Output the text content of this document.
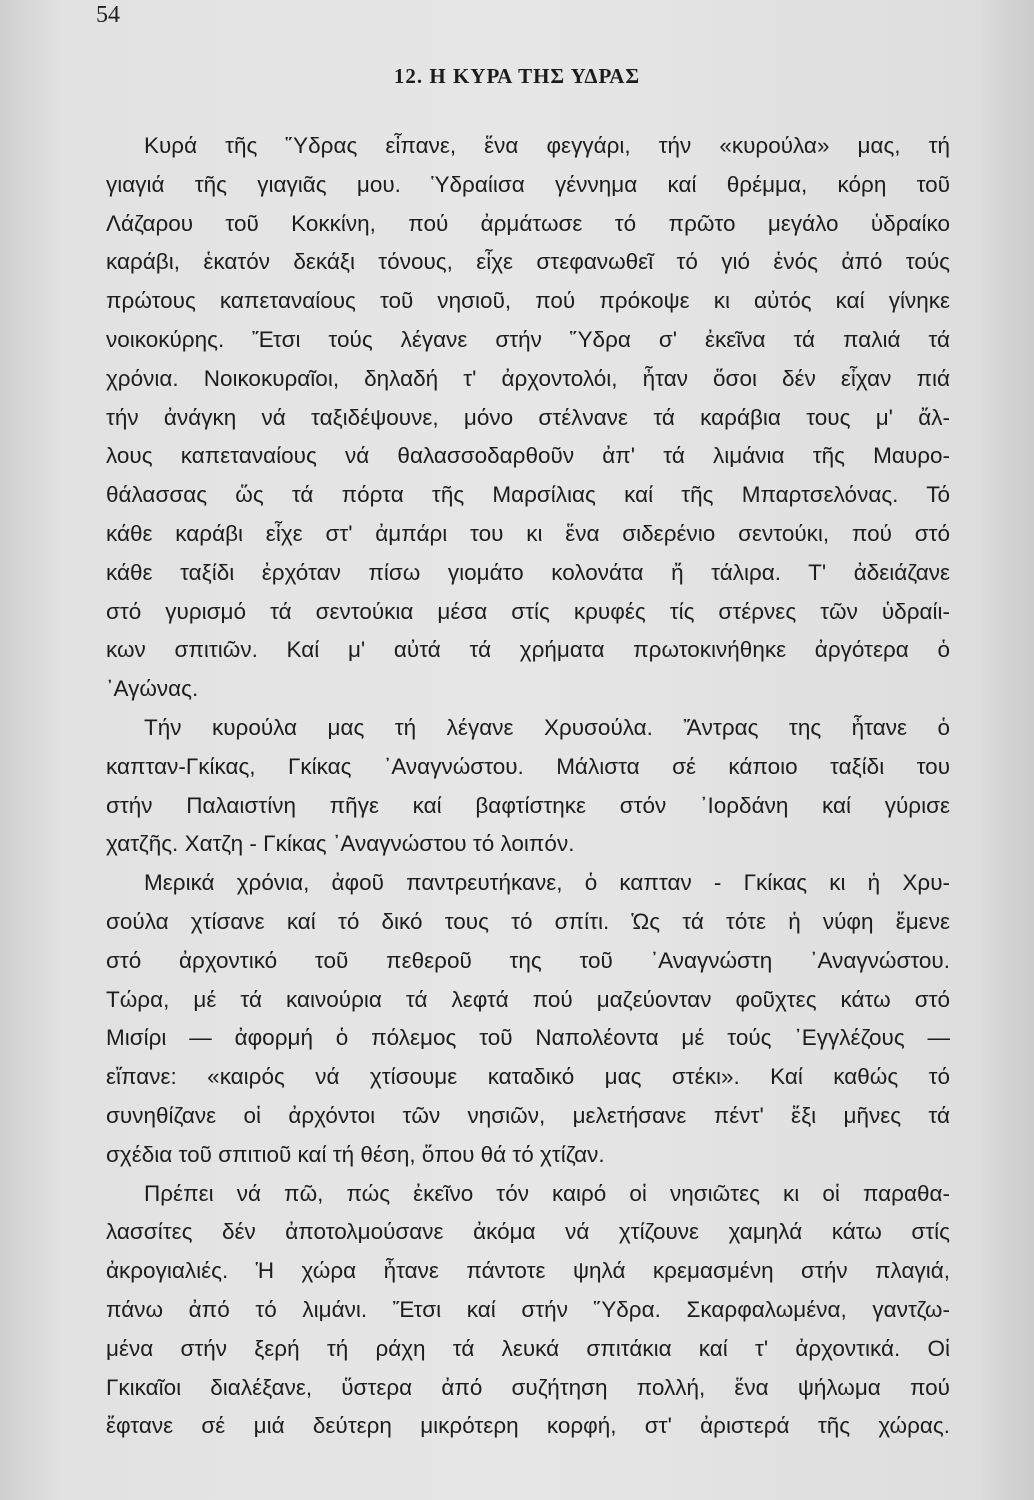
54
12. Η ΚΥΡΑ ΤΗΣ ΥΔΡΑΣ
Κυρά τῆς Ὕδρας εἶπανε, ἕνα φεγγάρι, τήν «κυρούλα» μας, τή
γιαγιά τῆς γιαγιᾶς μου. Ὑδραίισα γέννημα καί θρέμμα, κόρη τοῦ
Λάζαρου τοῦ Κοκκίνη, πού ἀρμάτωσε τό πρῶτο μεγάλο ὑδραίκο
καράβι, ἑκατόν δεκάξι τόνους, εἶχε στεφανωθεῖ τό γιό ἑνός ἀπό τούς
πρώτους καπεταναίους τοῦ νησιοῦ, πού πρόκοψε κι αὐτός καί γίνηκε
νοικοκύρης. Ἔτσι τούς λέγανε στήν Ὕδρα σ' ἐκεῖνα τά παλιά τά
χρόνια. Νοικοκυραῖοι, δηλαδή τ' ἀρχοντολόι, ἦταν ὅσοι δέν εἶχαν πιά
τήν ἀνάγκη νά ταξιδέψουνε, μόνο στέλνανε τά καράβια τους μ' ἄλ-
λους καπεταναίους νά θαλασσοδαρθοῦν ἀπ' τά λιμάνια τῆς Μαυρο-
θάλασσας ὥς τά πόρτα τῆς Μαρσίλιας καί τῆς Μπαρτσελόνας. Τό
κάθε καράβι εἶχε στ' ἀμπάρι του κι ἕνα σιδερένιο σεντούκι, πού στό
κάθε ταξίδι ἐρχόταν πίσω γιομάτο κολονάτα ἤ τάλιρα. Τ' ἀδειάζανε
στό γυρισμό τά σεντούκια μέσα στίς κρυφές τίς στέρνες τῶν ὑδραίι-
κων σπιτιῶν. Καί μ' αὐτά τά χρήματα πρωτοκινήθηκε ἀργότερα ὁ
᾿Αγώνας.
Τήν κυρούλα μας τή λέγανε Χρυσούλα. Ἄντρας της ἦτανε ὁ
καπταν-Γκίκας, Γκίκας ᾿Αναγνώστου. Μάλιστα σέ κάποιο ταξίδι του
στήν Παλαιστίνη πῆγε καί βαφτίστηκε στόν ᾿Ιορδάνη καί γύρισε
χατζῆς. Χατζη - Γκίκας ᾿Αναγνώστου τό λοιπόν.
Μερικά χρόνια, ἀφοῦ παντρευτήκανε, ὁ καπταν - Γκίκας κι ἡ Χρυ-
σούλα χτίσανε καί τό δικό τους τό σπίτι. Ὡς τά τότε ἡ νύφη ἔμενε
στό ἀρχοντικό τοῦ πεθεροῦ της τοῦ ᾿Αναγνώστη ᾿Αναγνώστου.
Τώρα, μέ τά καινούρια τά λεφτά πού μαζεύονταν φοῦχτες κάτω στό
Μισίρι — ἀφορμή ὁ πόλεμος τοῦ Ναπολέοντα μέ τούς ᾿Εγγλέζους —
εἴπανε: «καιρός νά χτίσουμε καταδικό μας στέκι». Καί καθώς τό
συνηθίζανε οἱ ἀρχόντοι τῶν νησιῶν, μελετήσανε πέντ' ἕξι μῆνες τά
σχέδια τοῦ σπιτιοῦ καί τή θέση, ὅπου θά τό χτίζαν.
Πρέπει νά πῶ, πώς ἐκεῖνο τόν καιρό οἱ νησιῶτες κι οἱ παραθα-
λασσίτες δέν ἀποτολμούσανε ἀκόμα νά χτίζουνε χαμηλά κάτω στίς
ἀκρογιαλιές. Ἡ χώρα ἦτανε πάντοτε ψηλά κρεμασμένη στήν πλαγιά,
πάνω ἀπό τό λιμάνι. Ἔτσι καί στήν Ὕδρα. Σκαρφαλωμένα, γαντζω-
μένα στήν ξερή τή ράχη τά λευκά σπιτάκια καί τ' ἀρχοντικά. Οἱ
Γκικαῖοι διαλέξανε, ὕστερα ἀπό συζήτηση πολλή, ἕνα ψήλωμα πού
ἔφτανε σέ μιά δεύτερη μικρότερη κορφή, στ' ἀριστερά τῆς χώρας.
